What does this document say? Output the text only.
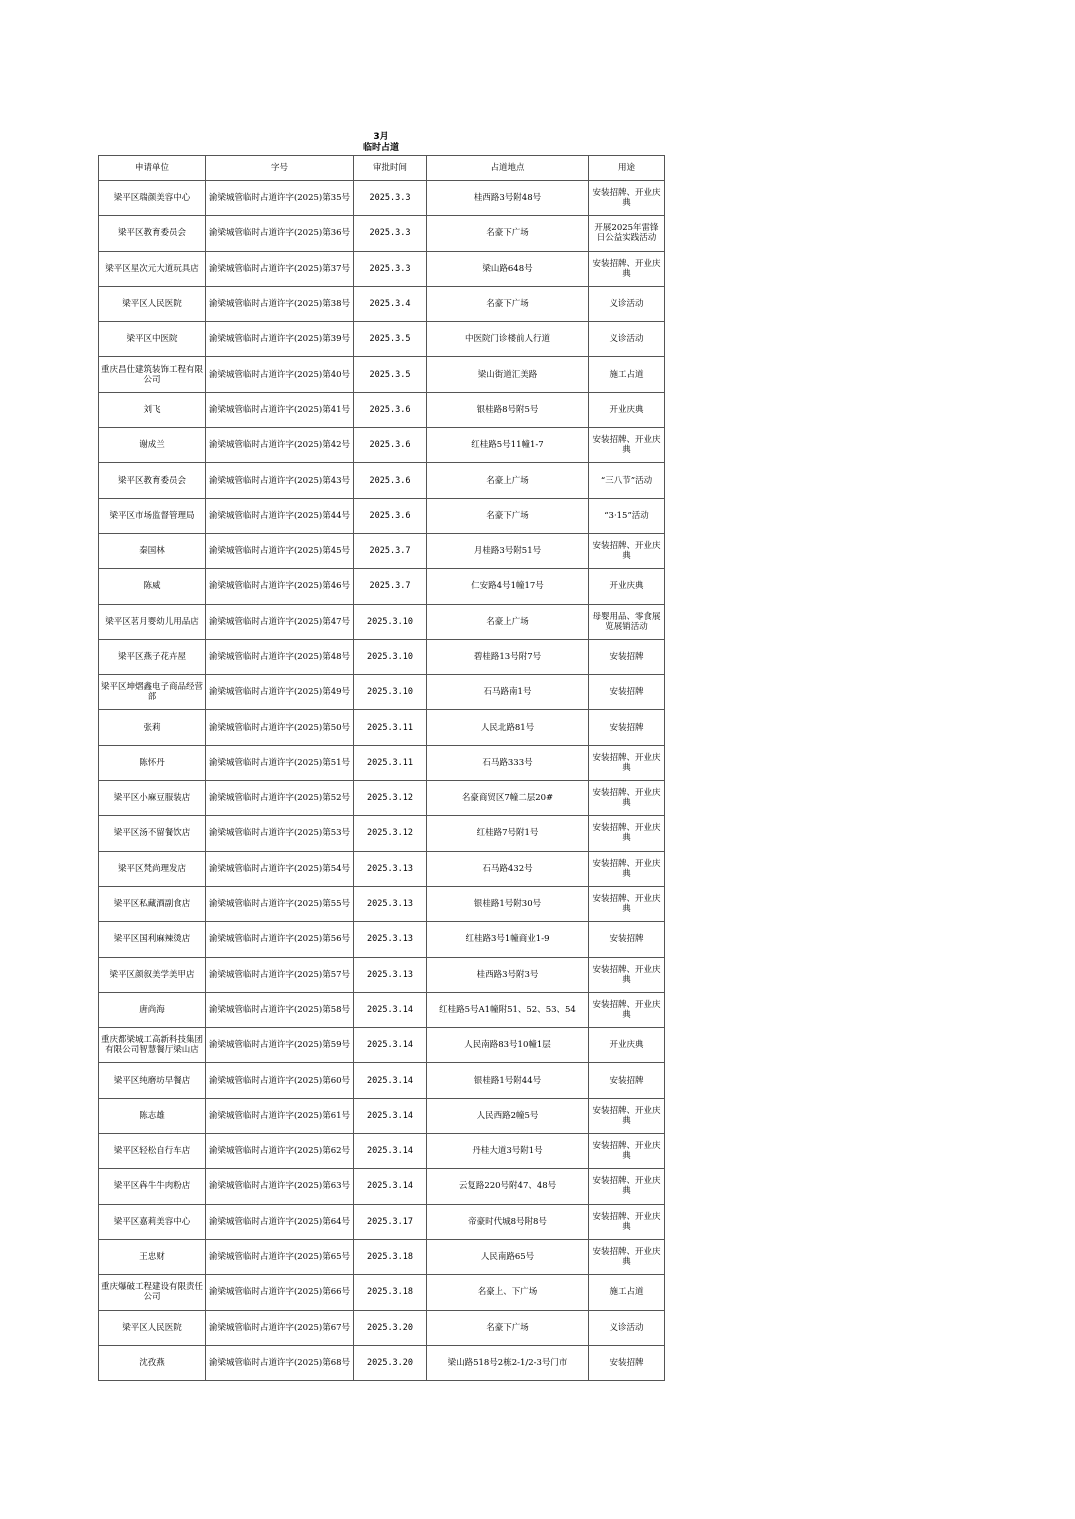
3月
临时占道
申请单位	字号	审批时间	占道地点	用途
梁平区瑞颜美容中心	渝梁城管临时占道许字(2025)第35号	2025.3.3	桂西路3号附48号	安装招牌、开业庆典
梁平区教育委员会	渝梁城管临时占道许字(2025)第36号	2025.3.3	名豪下广场	开展2025年雷锋日公益实践活动
梁平区星次元大道玩具店	渝梁城管临时占道许字(2025)第37号	2025.3.3	梁山路648号	安装招牌、开业庆典
梁平区人民医院	渝梁城管临时占道许字(2025)第38号	2025.3.4	名豪下广场	义诊活动
梁平区中医院	渝梁城管临时占道许字(2025)第39号	2025.3.5	中医院门诊楼前人行道	义诊活动
重庆昌仕建筑装饰工程有限公司	渝梁城管临时占道许字(2025)第40号	2025.3.5	梁山街道汇美路	施工占道
刘飞	渝梁城管临时占道许字(2025)第41号	2025.3.6	银桂路8号附5号	开业庆典
谢成兰	渝梁城管临时占道许字(2025)第42号	2025.3.6	红桂路5号11幢1-7	安装招牌、开业庆典
梁平区教育委员会	渝梁城管临时占道许字(2025)第43号	2025.3.6	名豪上广场	“三八节”活动
梁平区市场监督管理局	渝梁城管临时占道许字(2025)第44号	2025.3.6	名豪下广场	“3·15”活动
秦国林	渝梁城管临时占道许字(2025)第45号	2025.3.7	月桂路3号附51号	安装招牌、开业庆典
陈威	渝梁城管临时占道许字(2025)第46号	2025.3.7	仁安路4号1幢17号	开业庆典
梁平区茗月婴幼儿用品店	渝梁城管临时占道许字(2025)第47号	2025.3.10	名豪上广场	母婴用品、零食展览展销活动
梁平区燕子花卉屋	渝梁城管临时占道许字(2025)第48号	2025.3.10	碧桂路13号附7号	安装招牌
梁平区坤熠鑫电子商品经营部	渝梁城管临时占道许字(2025)第49号	2025.3.10	石马路南1号	安装招牌
张莉	渝梁城管临时占道许字(2025)第50号	2025.3.11	人民北路81号	安装招牌
陈怀丹	渝梁城管临时占道许字(2025)第51号	2025.3.11	石马路333号	安装招牌、开业庆典
梁平区小麻豆服装店	渝梁城管临时占道许字(2025)第52号	2025.3.12	名豪商贸区7幢二层20#	安装招牌、开业庆典
梁平区汤不留餐饮店	渝梁城管临时占道许字(2025)第53号	2025.3.12	红桂路7号附1号	安装招牌、开业庆典
梁平区梵尚理发店	渝梁城管临时占道许字(2025)第54号	2025.3.13	石马路432号	安装招牌、开业庆典
梁平区私藏酒副食店	渝梁城管临时占道许字(2025)第55号	2025.3.13	银桂路1号附30号	安装招牌、开业庆典
梁平区国利麻辣烫店	渝梁城管临时占道许字(2025)第56号	2025.3.13	红桂路3号1幢商业1-9	安装招牌
梁平区颜叙美学美甲店	渝梁城管临时占道许字(2025)第57号	2025.3.13	桂西路3号附3号	安装招牌、开业庆典
唐尚海	渝梁城管临时占道许字(2025)第58号	2025.3.14	红桂路5号A1幢附51、52、53、54	安装招牌、开业庆典
重庆都梁城工高新科技集团有限公司智慧餐厅梁山店	渝梁城管临时占道许字(2025)第59号	2025.3.14	人民南路83号10幢1层	开业庆典
梁平区纯磨坊早餐店	渝梁城管临时占道许字(2025)第60号	2025.3.14	银桂路1号附44号	安装招牌
陈志雄	渝梁城管临时占道许字(2025)第61号	2025.3.14	人民西路2幢5号	安装招牌、开业庆典
梁平区轻松自行车店	渝梁城管临时占道许字(2025)第62号	2025.3.14	丹桂大道3号附1号	安装招牌、开业庆典
梁平区犇牛牛肉粉店	渝梁城管临时占道许字(2025)第63号	2025.3.14	云复路220号附47、48号	安装招牌、开业庆典
梁平区嘉莉美容中心	渝梁城管临时占道许字(2025)第64号	2025.3.17	帝豪时代城8号附8号	安装招牌、开业庆典
王忠财	渝梁城管临时占道许字(2025)第65号	2025.3.18	人民南路65号	安装招牌、开业庆典
重庆爆破工程建设有限责任公司	渝梁城管临时占道许字(2025)第66号	2025.3.18	名豪上、下广场	施工占道
梁平区人民医院	渝梁城管临时占道许字(2025)第67号	2025.3.20	名豪下广场	义诊活动
沈孜燕	渝梁城管临时占道许字(2025)第68号	2025.3.20	梁山路518号2栋2-1/2-3号门市	安装招牌
